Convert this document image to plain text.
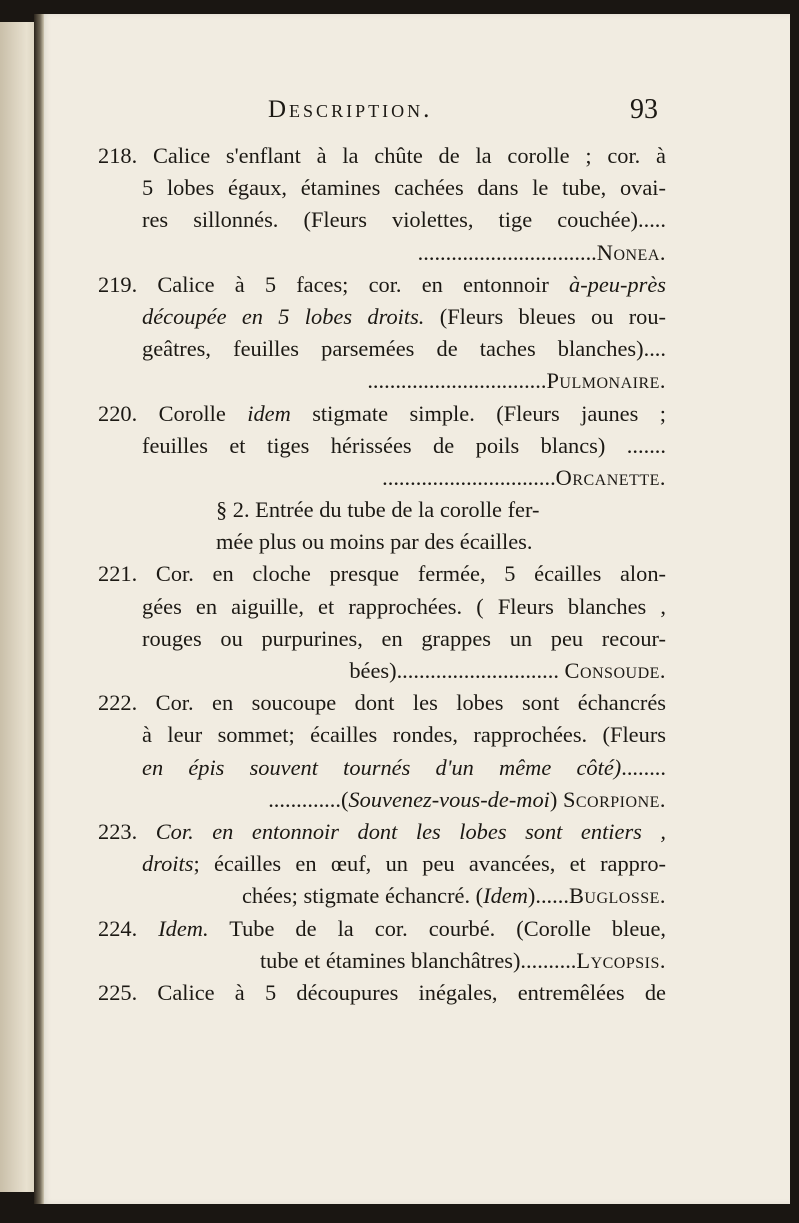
Description.	93
218. Calice s'enflant à la chûte de la corolle ; cor. à
5 lobes égaux, étamines cachées dans le tube, ovai-
res sillonnés. (Fleurs violettes, tige couchée).....
................................Nonea.
219. Calice à 5 faces; cor. en entonnoir à-peu-près
découpée en 5 lobes droits. (Fleurs bleues ou rou-
geâtres, feuilles parsemées de taches blanches)....
................................Pulmonaire.
220. Corolle idem stigmate simple. (Fleurs jaunes ;
feuilles et tiges hérissées de poils blancs) .......
...............................Orcanette.
§ 2. Entrée du tube de la corolle fer-
mée plus ou moins par des écailles.
221. Cor. en cloche presque fermée, 5 écailles alon-
gées en aiguille, et rapprochées. ( Fleurs blanches ,
rouges ou purpurines, en grappes un peu recour-
bées)............................. Consoude.
222. Cor. en soucoupe dont les lobes sont échancrés
à leur sommet; écailles rondes, rapprochées. (Fleurs
en épis souvent tournés d'un même côté)........
.............(Souvenez-vous-de-moi) Scorpione.
223. Cor. en entonnoir dont les lobes sont entiers ,
droits; écailles en œuf, un peu avancées, et rappro-
chées; stigmate échancré. (Idem)......Buglosse.
224. Idem. Tube de la cor. courbé. (Corolle bleue,
tube et étamines blanchâtres)..........Lycopsis.
225. Calice à 5 découpures inégales, entremêlées de
